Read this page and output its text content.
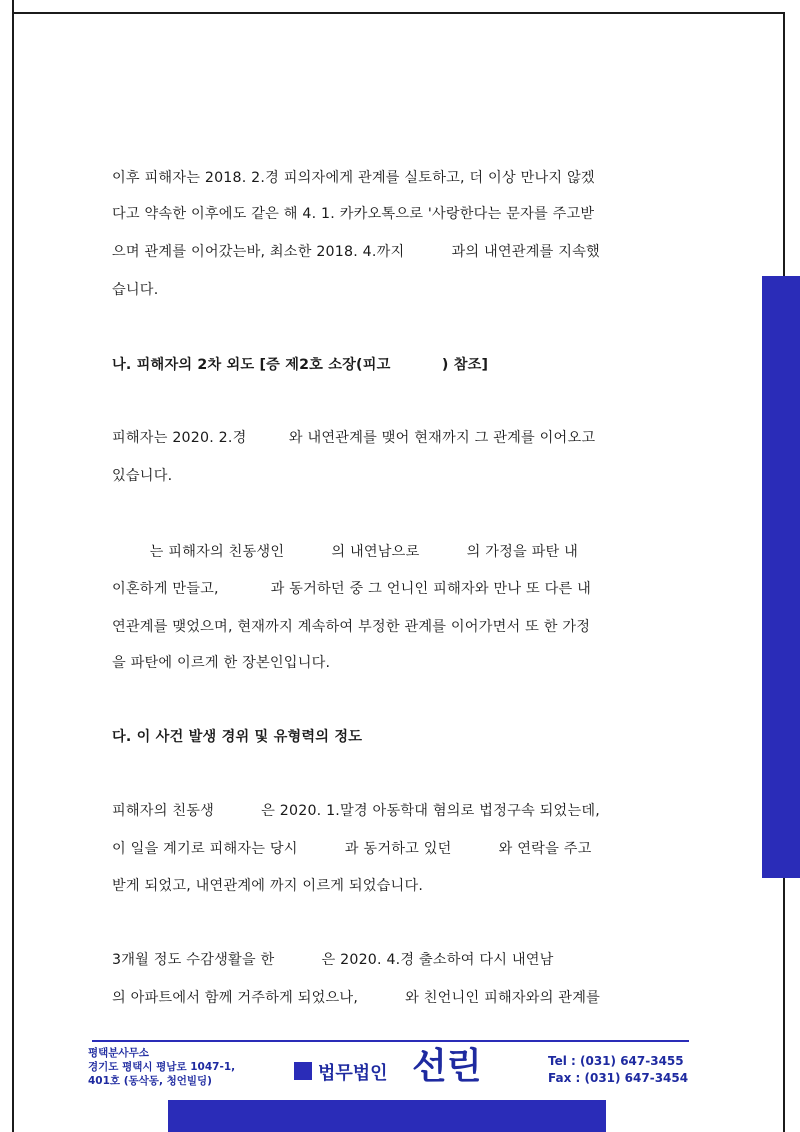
이후 피해자는 2018. 2.경 피의자에게 관계를 실토하고, 더 이상 만나지 않겠
다고 약속한 이후에도 같은 해 4. 1. 카카오톡으로 '사랑한다는 문자를 주고받
으며 관계를 이어갔는바, 최소한 2018. 4.까지          과의 내연관계를 지속했
습니다.
나. 피해자의 2차 외도 [증 제2호 소장(피고          ) 참조]
피해자는 2020. 2.경         와 내연관계를 맺어 현재까지 그 관계를 이어오고
있습니다.
는 피해자의 친동생인          의 내연남으로          의 가정을 파탄 내
이혼하게 만들고,           과 동거하던 중 그 언니인 피해자와 만나 또 다른 내
연관계를 맺었으며, 현재까지 계속하여 부정한 관계를 이어가면서 또 한 가정
을 파탄에 이르게 한 장본인입니다.
다. 이 사건 발생 경위 및 유형력의 정도
피해자의 친동생          은 2020. 1.말경 아동학대 혐의로 법정구속 되었는데,
이 일을 계기로 피해자는 당시          과 동거하고 있던          와 연락을 주고
받게 되었고, 내연관계에 까지 이르게 되었습니다.
3개월 정도 수감생활을 한          은 2020. 4.경 출소하여 다시 내연남
의 아파트에서 함께 거주하게 되었으나,          와 친언니인 피해자와의 관계를
평택분사무소
경기도 평택시 평남로 1047-1,
401호 (동삭동, 청언빌딩)	법무법인 선린	Tel : (031) 647-3455
Fax : (031) 647-3454
